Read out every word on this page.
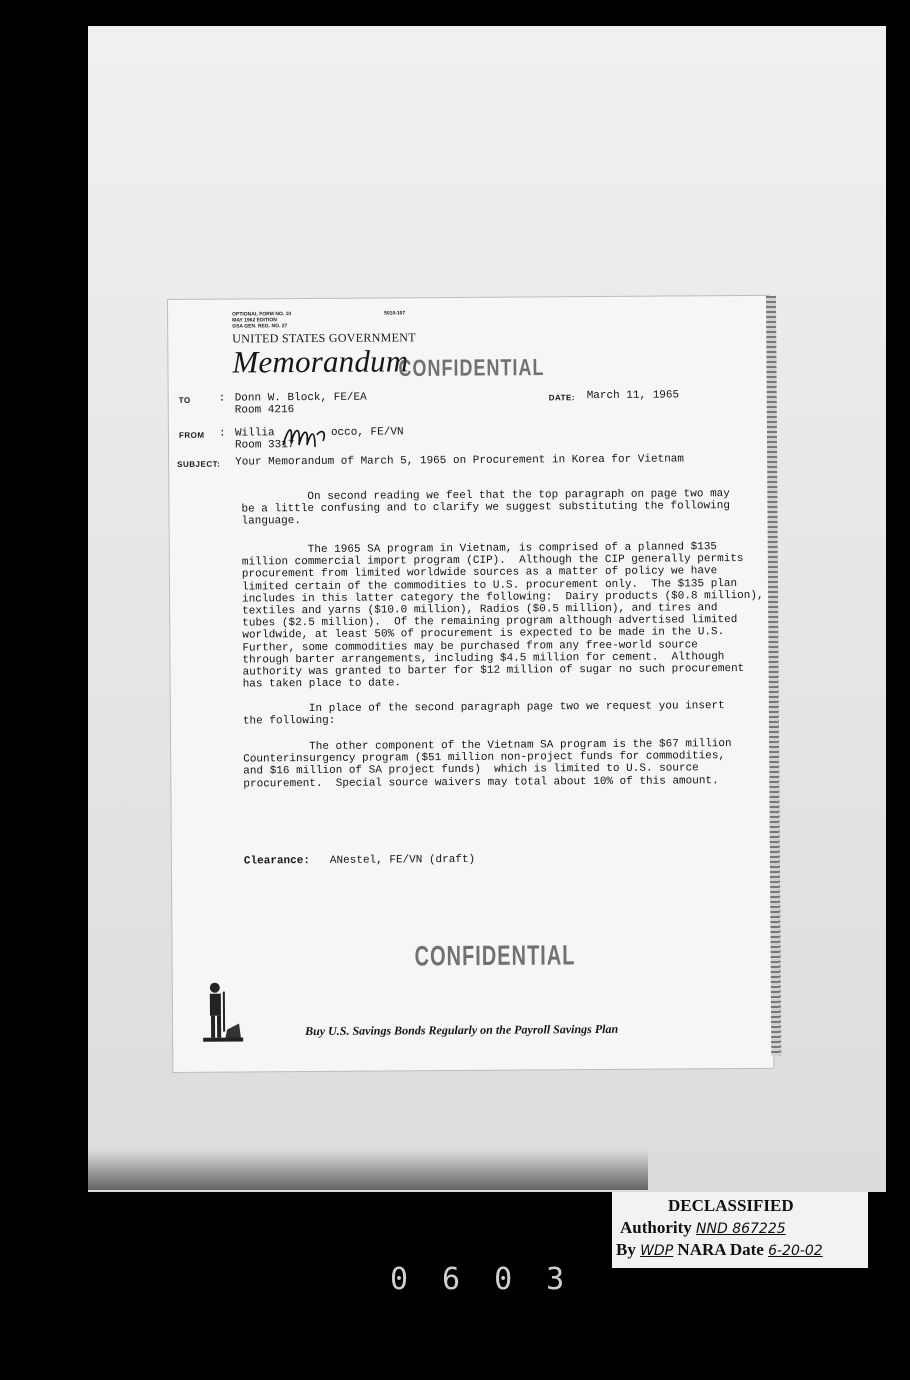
OPTIONAL FORM NO. 10
MAY 1962 EDITION
GSA GEN. REG. NO. 27
5010-107
UNITED STATES GOVERNMENT
Memorandum
CONFIDENTIAL
TO	: Donn W. Block, FE/EA
Room 4216
DATE: March 11, 1965
FROM : Willia	occo, FE/VN
Room 3317
SUBJECT: Your Memorandum of March 5, 1965 on Procurement in Korea for Vietnam
On second reading we feel that the top paragraph on page two may
be a little confusing and to clarify we suggest substituting the following
language.
The 1965 SA program in Vietnam, is comprised of a planned $135
million commercial import program (CIP).  Although the CIP generally permits
procurement from limited worldwide sources as a matter of policy we have
limited certain of the commodities to U.S. procurement only.  The $135 plan
includes in this latter category the following:  Dairy products ($0.8 million),
textiles and yarns ($10.0 million), Radios ($0.5 million), and tires and
tubes ($2.5 million).  Of the remaining program although advertised limited
worldwide, at least 50% of procurement is expected to be made in the U.S.
Further, some commodities may be purchased from any free-world source
through barter arrangements, including $4.5 million for cement.  Although
authority was granted to barter for $12 million of sugar no such procurement
has taken place to date.
In place of the second paragraph page two we request you insert
the following:
The other component of the Vietnam SA program is the $67 million
Counterinsurgency program ($51 million non-project funds for commodities,
and $16 million of SA project funds)  which is limited to U.S. source
procurement.  Special source waivers may total about 10% of this amount.
Clearance: ANestel, FE/VN (draft)
CONFIDENTIAL
Buy U.S. Savings Bonds Regularly on the Payroll Savings Plan
DECLASSIFIED
Authority NND 867225
By WDP NARA Date 6-20-02
0603
